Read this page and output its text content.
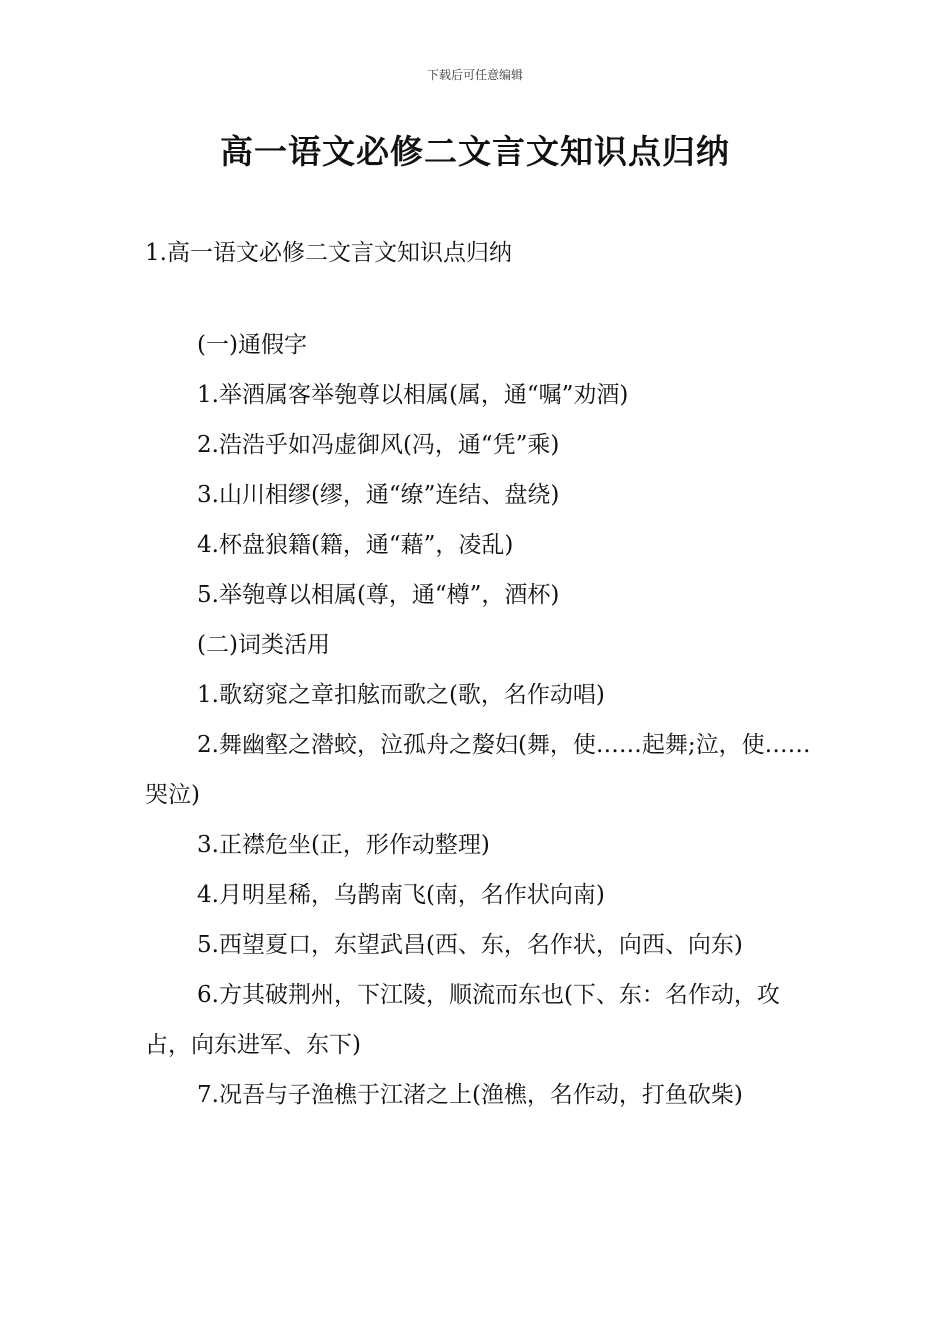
下载后可任意编辑
高一语文必修二文言文知识点归纳

1.高一语文必修二文言文知识点归纳

(一)通假字

1.举酒属客举匏尊以相属(属，通“嘱”劝酒)

2.浩浩乎如冯虚御风(冯，通“凭”乘)

3.山川相缪(缪，通“缭”连结、盘绕)

4.杯盘狼籍(籍，通“藉”，凌乱)

5.举匏尊以相属(尊，通“樽”，酒杯)

(二)词类活用

1.歌窈窕之章扣舷而歌之(歌，名作动唱)

2.舞幽壑之潜蛟，泣孤舟之嫠妇(舞，使……起舞;泣，使……哭泣)

3.正襟危坐(正，形作动整理)

4.月明星稀，乌鹊南飞(南，名作状向南)

5.西望夏口，东望武昌(西、东，名作状，向西、向东)

6.方其破荆州，下江陵，顺流而东也(下、东：名作动，攻占，向东进军、东下)

7.况吾与子渔樵于江渚之上(渔樵，名作动，打鱼砍柴)
